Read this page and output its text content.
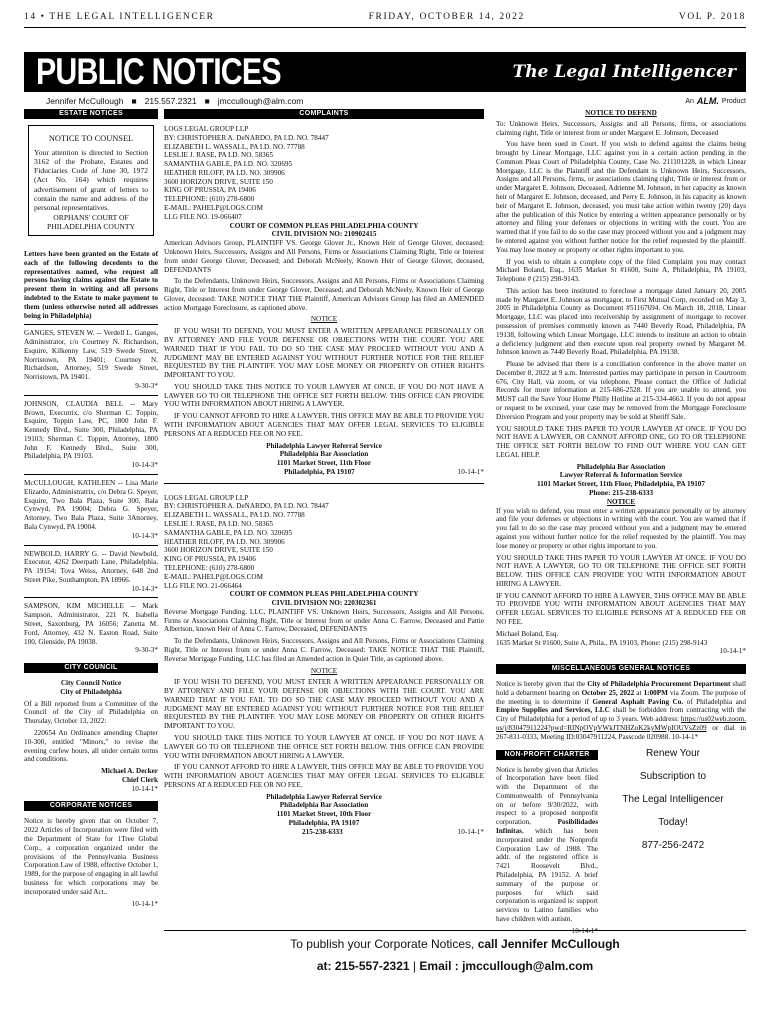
14 • THE LEGAL INTELLIGENCER	FRIDAY, OCTOBER 14, 2022	VOL P. 2018
PUBLIC NOTICES	The Legal Intelligencer
Jennifer McCullough ■ 215.557.2321 ■ jmccullough@alm.com	An ALM. Product
ESTATE NOTICES
NOTICE TO COUNSEL
Your attention is directed to Section 3162 of the Probate, Estates and Fiduciaries Code of June 30, 1972 (Act No. 164) which requires advertisement of grant of letters to contain the name and address of the personal representatives.
ORPHANS' COURT OF
PHILADELPHIA COUNTY

Letters have been granted on the Estate of each of the following decedents to the representatives named, who request all persons having claims against the Estate to present them in writing and all persons indebted to the Estate to make payment to them (unless otherwise noted all addresses being in Philadelphia)

GANGES, STEVEN W. -- Verdell L. Ganges, Administrator, c/o Courtney N. Richardson, Esquire, Kilkenny Law, 519 Swede Street, Norristown, PA 19401; Courtney N. Richardson, Attorney, 519 Swede Street, Norristown, PA 19401.

9-30-3*

JOHNSON, CLAUDIA BELL -- Mary Brown, Executrix, c/o Sherman C. Toppin, Esquire, Toppin Law, PC, 1800 John F. Kennedy Blvd., Suite 300, Philadelphia, PA 19103; Sherman C. Toppin, Attorney, 1800 John F. Kennedy Blvd., Suite 300, Philadelphia, PA 19103.

10-14-3*

McCULLOUGH, KATHLEEN -- Lisa Marie Elizardo, Administratrix, c/o Debra G. Speyer, Esquire, Two Bala Plaza, Suite 300, Bala Cynwyd, PA 19004; Debra G. Speyer, Attorney, Two Bala Plaza, Suite 3Attorney, Bala Cynwyd, PA 19004.

10-14-3*

NEWBOLD, HARRY G. -- David Newbold, Executor, 4262 Deerpath Lane, Philadelphia, PA 19154; Tova Weiss, Attorney, 648 2nd Street Pike, Southampton, PA 18966.

10-14-3*

SAMPSON, KIM MICHELLE -- Mark Sampson, Administrator, 221 N. Isabella Street, Saxonburg, PA 16056; Zanetta M. Ford, Attorney, 432 N. Easton Road, Suite 100, Glenside, PA 19038.

9-30-3*

CITY COUNCIL

City Council Notice

City of Philadelphia

Of a Bill reported from a Committee of the Council of the City of Philadelphia on Thursday, October 13, 2022:

220654 An Ordinance amending Chapter 10-300, entitled "Minors," to revise the evening curfew hours, all under certain terms and conditions.

Michael A. Decker

Chief Clerk

10-14-1*

CORPORATE NOTICES

Notice is hereby given that on October 7, 2022 Articles of Incorporation were filed with the Department of State for 1Tree Global Corp., a corporation organized under the provisions of the Pennsylvania Business Corporation Law of 1988, effective October 1, 1989, for the purpose of engaging in all lawful business for which corporations may be incorporated under said Act..

10-14-1*

COMPLAINTS
LOGS LEGAL GROUP LLP
BY: CHRISTOPHER A. DeNARDO, PA I.D. NO. 78447
ELIZABETH L. WASSALL, PA I.D. NO. 77788
LESLIE J. RASE, PA I.D. NO. 58365
SAMANTHA GABLE, PA I.D. NO. 320695
HEATHER RILOFF, PA I.D. NO. 309906
3600 HORIZON DRIVE, SUITE 150
KING OF PRUSSIA, PA 19406
TELEPHONE: (610) 278-6800
E-MAIL: PAHELP@LOGS.COM
LLG FILE NO. 19-066407
COURT OF COMMON PLEAS PHILADELPHIA COUNTY
CIVIL DIVISION NO: 210902415

American Advisors Group, PLAINTIFF VS. George Glover Jr., Known Heir of George Glover, deceased; Unknown Heirs, Successors, Assigns and All Persons, Firms or Associations Claiming Right, Title or Interest from under George Glover, Deceased; and Deborah McNeely, Known Heir of George Glover, deceased, DEFENDANTS

To the Defendants, Unknown Heirs, Successors, Assigns and All Persons, Firms or Associations Claiming Right, Title or Interest from under George Glover, Deceased; and Deborah McNeely, Known Heir of George Glover, deceased: TAKE NOTICE THAT THE Plaintiff, American Advisors Group has filed an AMENDED action Mortgage Foreclosure, as captioned above.

NOTICE

IF YOU WISH TO DEFEND, YOU MUST ENTER A WRITTEN APPEARANCE PERSONALLY OR BY ATTORNEY AND FILE YOUR DEFENSE OR OBJECTIONS WITH THE COURT. YOU ARE WARNED THAT IF YOU FAIL TO DO SO THE CASE MAY PROCEED WITHOUT YOU AND A JUDGMENT MAY BE ENTERED AGAINST YOU WITHOUT FURTHER NOTICE FOR THE RELIEF REQUESTED BY THE PLAINTIFF. YOU MAY LOSE MONEY OR PROPERTY OR OTHER RIGHTS IMPORTANT TO YOU.

YOU SHOULD TAKE THIS NOTICE TO YOUR LAWYER AT ONCE. IF YOU DO NOT HAVE A LAWYER GO TO OR TELEPHONE THE OFFICE SET FORTH BELOW. THIS OFFICE CAN PROVIDE YOU WITH INFORMATION ABOUT HIRING A LAWYER.

IF YOU CANNOT AFFORD TO HIRE A LAWYER, THIS OFFICE MAY BE ABLE TO PROVIDE YOU WITH INFORMATION ABOUT AGENCIES THAT MAY OFFER LEGAL SERVICES TO ELIGIBLE PERSONS AT A REDUCED FEE OR NO FEE.

Philadelphia Lawyer Referral Service
Philadelphia Bar Association
1101 Market Street, 11th Floor
Philadelphia, PA 19107	10-14-1*
LOGS LEGAL GROUP LLP
BY: CHRISTOPHER A. DeNARDO, PA I.D. NO. 78447
ELIZABETH L. WASSALL, PA I.D. NO. 77788
LESLIE J. RASE, PA I.D. NO. 58365
SAMANTHA GABLE, PA I.D. NO. 320695
HEATHER RILOFF, PA I.D. NO. 309906
3600 HORIZON DRIVE, SUITE 150
KING OF PRUSSIA, PA 19406
TELEPHONE: (610) 278-6800
E-MAIL: PAHELP@LOGS.COM
LLG FILE NO. 21-066464
COURT OF COMMON PLEAS PHILADELPHIA COUNTY
CIVIL DIVISION NO: 220302361

Reverse Mortgage Funding, LLC, PLAINTIFF VS. Unknown Heirs, Successors, Assigns and All Persons, Firms or Associations Claiming Right, Title or Interest from or under Anna C. Farrow, Deceased and Pattie Albertson, known Heir of Anna C. Farrow, Deceased, DEFENDANTS

To the Defendants, Unknown Heirs, Successors, Assigns and All Persons, Firms or Associations Claiming Right, Title or Interest from or under Anna C. Farrow, Deceased: TAKE NOTICE THAT THE Plaintiff, Reverse Mortgage Funding, LLC has filed an Amended action in Quiet Title, as captioned above.

NOTICE

IF YOU WISH TO DEFEND, YOU MUST ENTER A WRITTEN APPEARANCE PERSONALLY OR BY ATTORNEY AND FILE YOUR DEFENSE OR OBJECTIONS WITH THE COURT. YOU ARE WARNED THAT IF YOU FAIL TO DO SO THE CASE MAY PROCEED WITHOUT YOU AND A JUDGMENT MAY BE ENTERED AGAINST YOU WITHOUT FURTHER NOTICE FOR THE RELIEF REQUESTED BY THE PLAINTIFF. YOU MAY LOSE MONEY OR PROPERTY OR OTHER RIGHTS IMPORTANT TO YOU.

YOU SHOULD TAKE THIS NOTICE TO YOUR LAWYER AT ONCE. IF YOU DO NOT HAVE A LAWYER GO TO OR TELEPHONE THE OFFICE SET FORTH BELOW. THIS OFFICE CAN PROVIDE YOU WITH INFORMATION ABOUT HIRING A LAWYER.

IF YOU CANNOT AFFORD TO HIRE A LAWYER, THIS OFFICE MAY BE ABLE TO PROVIDE YOU WITH INFORMATION ABOUT AGENCIES THAT MAY OFFER LEGAL SERVICES TO ELIGIBLE PERSONS AT A REDUCED FEE OR NO FEE.

Philadelphia Lawyer Referral Service
Philadelphia Bar Association
1101 Market Street, 10th Floor
Philadelphia, PA 19107
215-238-6333	10-14-1*
NOTICE TO DEFEND

To: Unknown Heirs, Successors, Assigns and all Persons, firms, or associations claiming right, Title or interest from or under Margaret E. Johnson, Deceased

You have been sued in Court. If you wish to defend against the claims being brought by Linear Mortgage, LLC against you in a certain action pending in the Common Pleas Court of Philadelphia County, Case No. 211101228, in which Linear Mortgage, LLC is the Plaintiff and the Defendant is Unknown Heirs, Successors, Assigns and all Persons, firms, or associations claiming right, Title or interest from or under Margaret E. Johnson, Deceased, Adrienne M. Johnson, in her capacity as known heir of Margaret E. Johnson, deceased, and Perry E. Johnson, in his capacity as known heir of Margaret E. Johnson, deceased, you must take action within twenty (20) days after the publication of this Notice by entering a written appearance personally or by attorney and filing your defenses or objections in writing with the court. You are warned that if you fail to do so the case may proceed without you and a judgment may be entered against you without further notice for the relief requested by the plaintiff. You may lose money or property or other rights important to you.

If you wish to obtain a complete copy of the filed Complaint you may contact Michael Boland, Esq., 1635 Market St #1600, Suite A, Philadelphia, PA 19103, Telephone # (215) 298-9143.

This action has been instituted to foreclose a mortgage dated January 20, 2005 made by Margaret E. Johnson as mortgagor, to First Mutual Corp, recorded on May 3, 2005 in Philadelphia County as Document #51167694. On March 18, 2018, Linear Mortgage, LLC was placed into receivership by assignment of mortgage to recover possession of premises commonly known as 7440 Beverly Road, Philadelphia, PA 19138, following which Linear Mortgage, LLC intends to institute an action to obtain a deficiency judgment and then execute upon real property owned by Margaret M. Johnson known as 7440 Beverly Road, Philadelphia, PA 19138.

Please be advised that there is a conciliation conference in the above matter on December 8, 2022 at 9 a.m. Interested parties may participate in person in Courtroom 676, City Hall, via zoom, or via telephone. Please contact the Office of Judicial Records for more information at 215-686-2528. If you are unable to attend, you MUST call the Save Your Home Philly Hotline at 215-334-4663. If you do not appear or request to be excused, your case may be removed from the Mortgage Foreclosure Diversion Program and your property may be sold at Sheriff Sale.

YOU SHOULD TAKE THIS PAPER TO YOUR LAWYER AT ONCE. IF YOU DO NOT HAVE A LAWYER, OR CANNOT AFFORD ONE, GO TO OR TELEPHONE THE OFFICE SET FORTH BELOW TO FIND OUT WHERE YOU CAN GET LEGAL HELP.

Philadelphia Bar Association
Lawyer Referral & Information Service
1101 Market Street, 11th Floor, Philadelphia, PA 19107
Phone: 215-238-6333
NOTICE

If you wish to defend, you must enter a written appearance personally or by attorney and file your defenses or objections in writing with the court. You are warned that if you fail to do so the case may proceed without you and a judgment may be entered against you without further notice for the relief requested by the plaintiff. You may lose money or property or other rights important to you.

YOU SHOULD TAKE THIS PAPER TO YOUR LAWYER AT ONCE. IF YOU DO NOT HAVE A LAWYER, GO TO OR TELEPHONE THE OFFICE SET FORTH BELOW. THIS OFFICE CAN PROVIDE YOU WITH INFORMATION ABOUT HIRING A LAWYER.

IF YOU CANNOT AFFORD TO HIRE A LAWYER, THIS OFFICE MAY BE ABLE TO PROVIDE YOU WITH INFORMATION ABOUT AGENCIES THAT MAY OFFER LEGAL SERVICES TO ELIGIBLE PERSONS AT A REDUCED FEE OR NO FEE.

Michael Boland, Esq.
1635 Market St #1600, Suite A, Phila., PA 19103, Phone: (215) 298-9143
10-14-1*
MISCELLANEOUS GENERAL NOTICES

Notice is hereby given that the City of Philadelphia Procurement Department shall hold a debarment hearing on October 25, 2022 at 1:00PM via Zoom. The purpose of the meeting is to determine if General Asphalt Paving Co. of Philadelphia and Empire Supplies and Services, LLC shall be forbidden from contracting with the City of Philadelphia for a period of up to 3 years. Web address: https://us02web.zoom.us/j/83047911224?pwd=RINpOVpVWkJTNHZoK2kyMWpIOUVsZz09 or dial in 267-831-0333, Meeting ID:83047911224, Passcode 020988. 10-14-1*

NON-PROFIT CHARTER

Notice is hereby given that Articles of Incorporation have been filed with the Department of the Commonwealth of Pennsylvania on or before 9/30/2022, with respect to a proposed nonprofit corporation, Posibilidades Infinitas, which has been incorporated under the Nonprofit Corporation Law of 1988. The addr. of the registered office is 7421 Roosevelt Blvd., Philadelphia, PA 19152. A brief summary of the purpose or purposes for which said corporation is organized is: support services to Latino families who have children with autism.

10-14-1*

Renew Your
Subscription to
The Legal Intelligencer
Today!
877-256-2472
To publish your Corporate Notices, call Jennifer McCullough
at: 215-557-2321 | Email : jmccullough@alm.com
